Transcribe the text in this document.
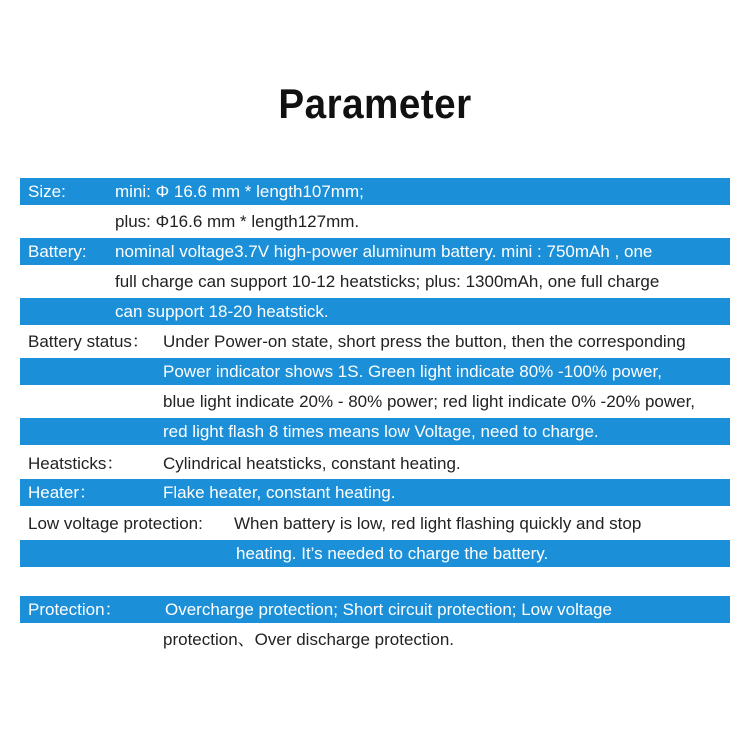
Parameter
Size:	mini: Φ 16.6 mm * length107mm;
plus: Φ16.6 mm * length127mm.
Battery: nominal voltage3.7V high-power aluminum battery. mini : 750mAh , one
full charge can support 10-12 heatsticks; plus: 1300mAh, one full charge
can support 18-20 heatstick.
Battery status： Under Power-on state, short press the button, then the corresponding
Power indicator shows 1S. Green light indicate 80% -100% power,
blue light indicate 20% - 80% power; red light indicate 0% -20% power,
red light flash 8 times means low Voltage, need to charge.
Heatsticks： Cylindrical heatsticks, constant heating.
Heater：	Flake heater, constant heating.
Low voltage protection: When battery is low, red light flashing quickly and stop
heating. It’s needed to charge the battery.
Protection：	Overcharge protection; Short circuit protection; Low voltage
protection、Over discharge protection.
